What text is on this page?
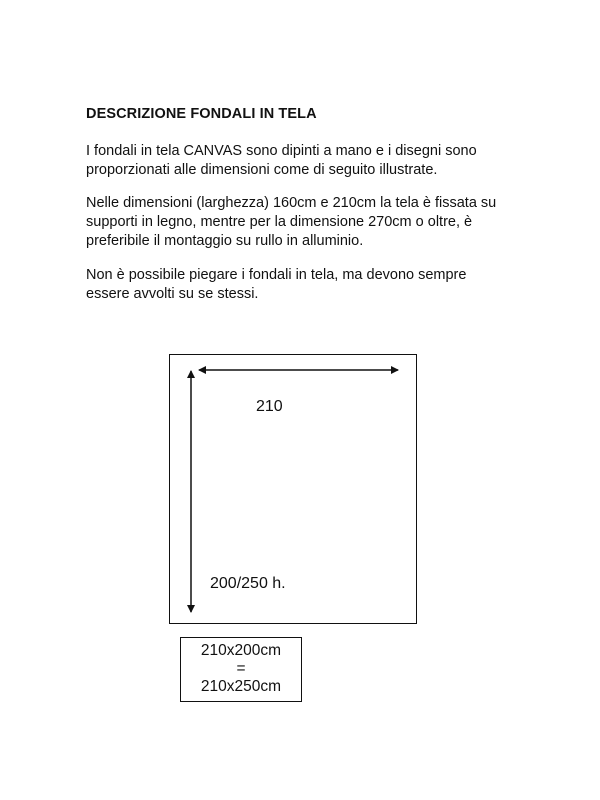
DESCRIZIONE FONDALI IN TELA
I fondali in tela CANVAS sono dipinti a mano e i disegni sono
proporzionati alle dimensioni come di seguito illustrate.
Nelle dimensioni (larghezza) 160cm e 210cm la tela è fissata su
supporti in legno, mentre per la dimensione 270cm o oltre, è
preferibile il montaggio su rullo in alluminio.
Non è possibile piegare i fondali in tela, ma devono sempre
essere avvolti su se stessi.
210
200/250 h.
210x200cm
=
210x250cm
